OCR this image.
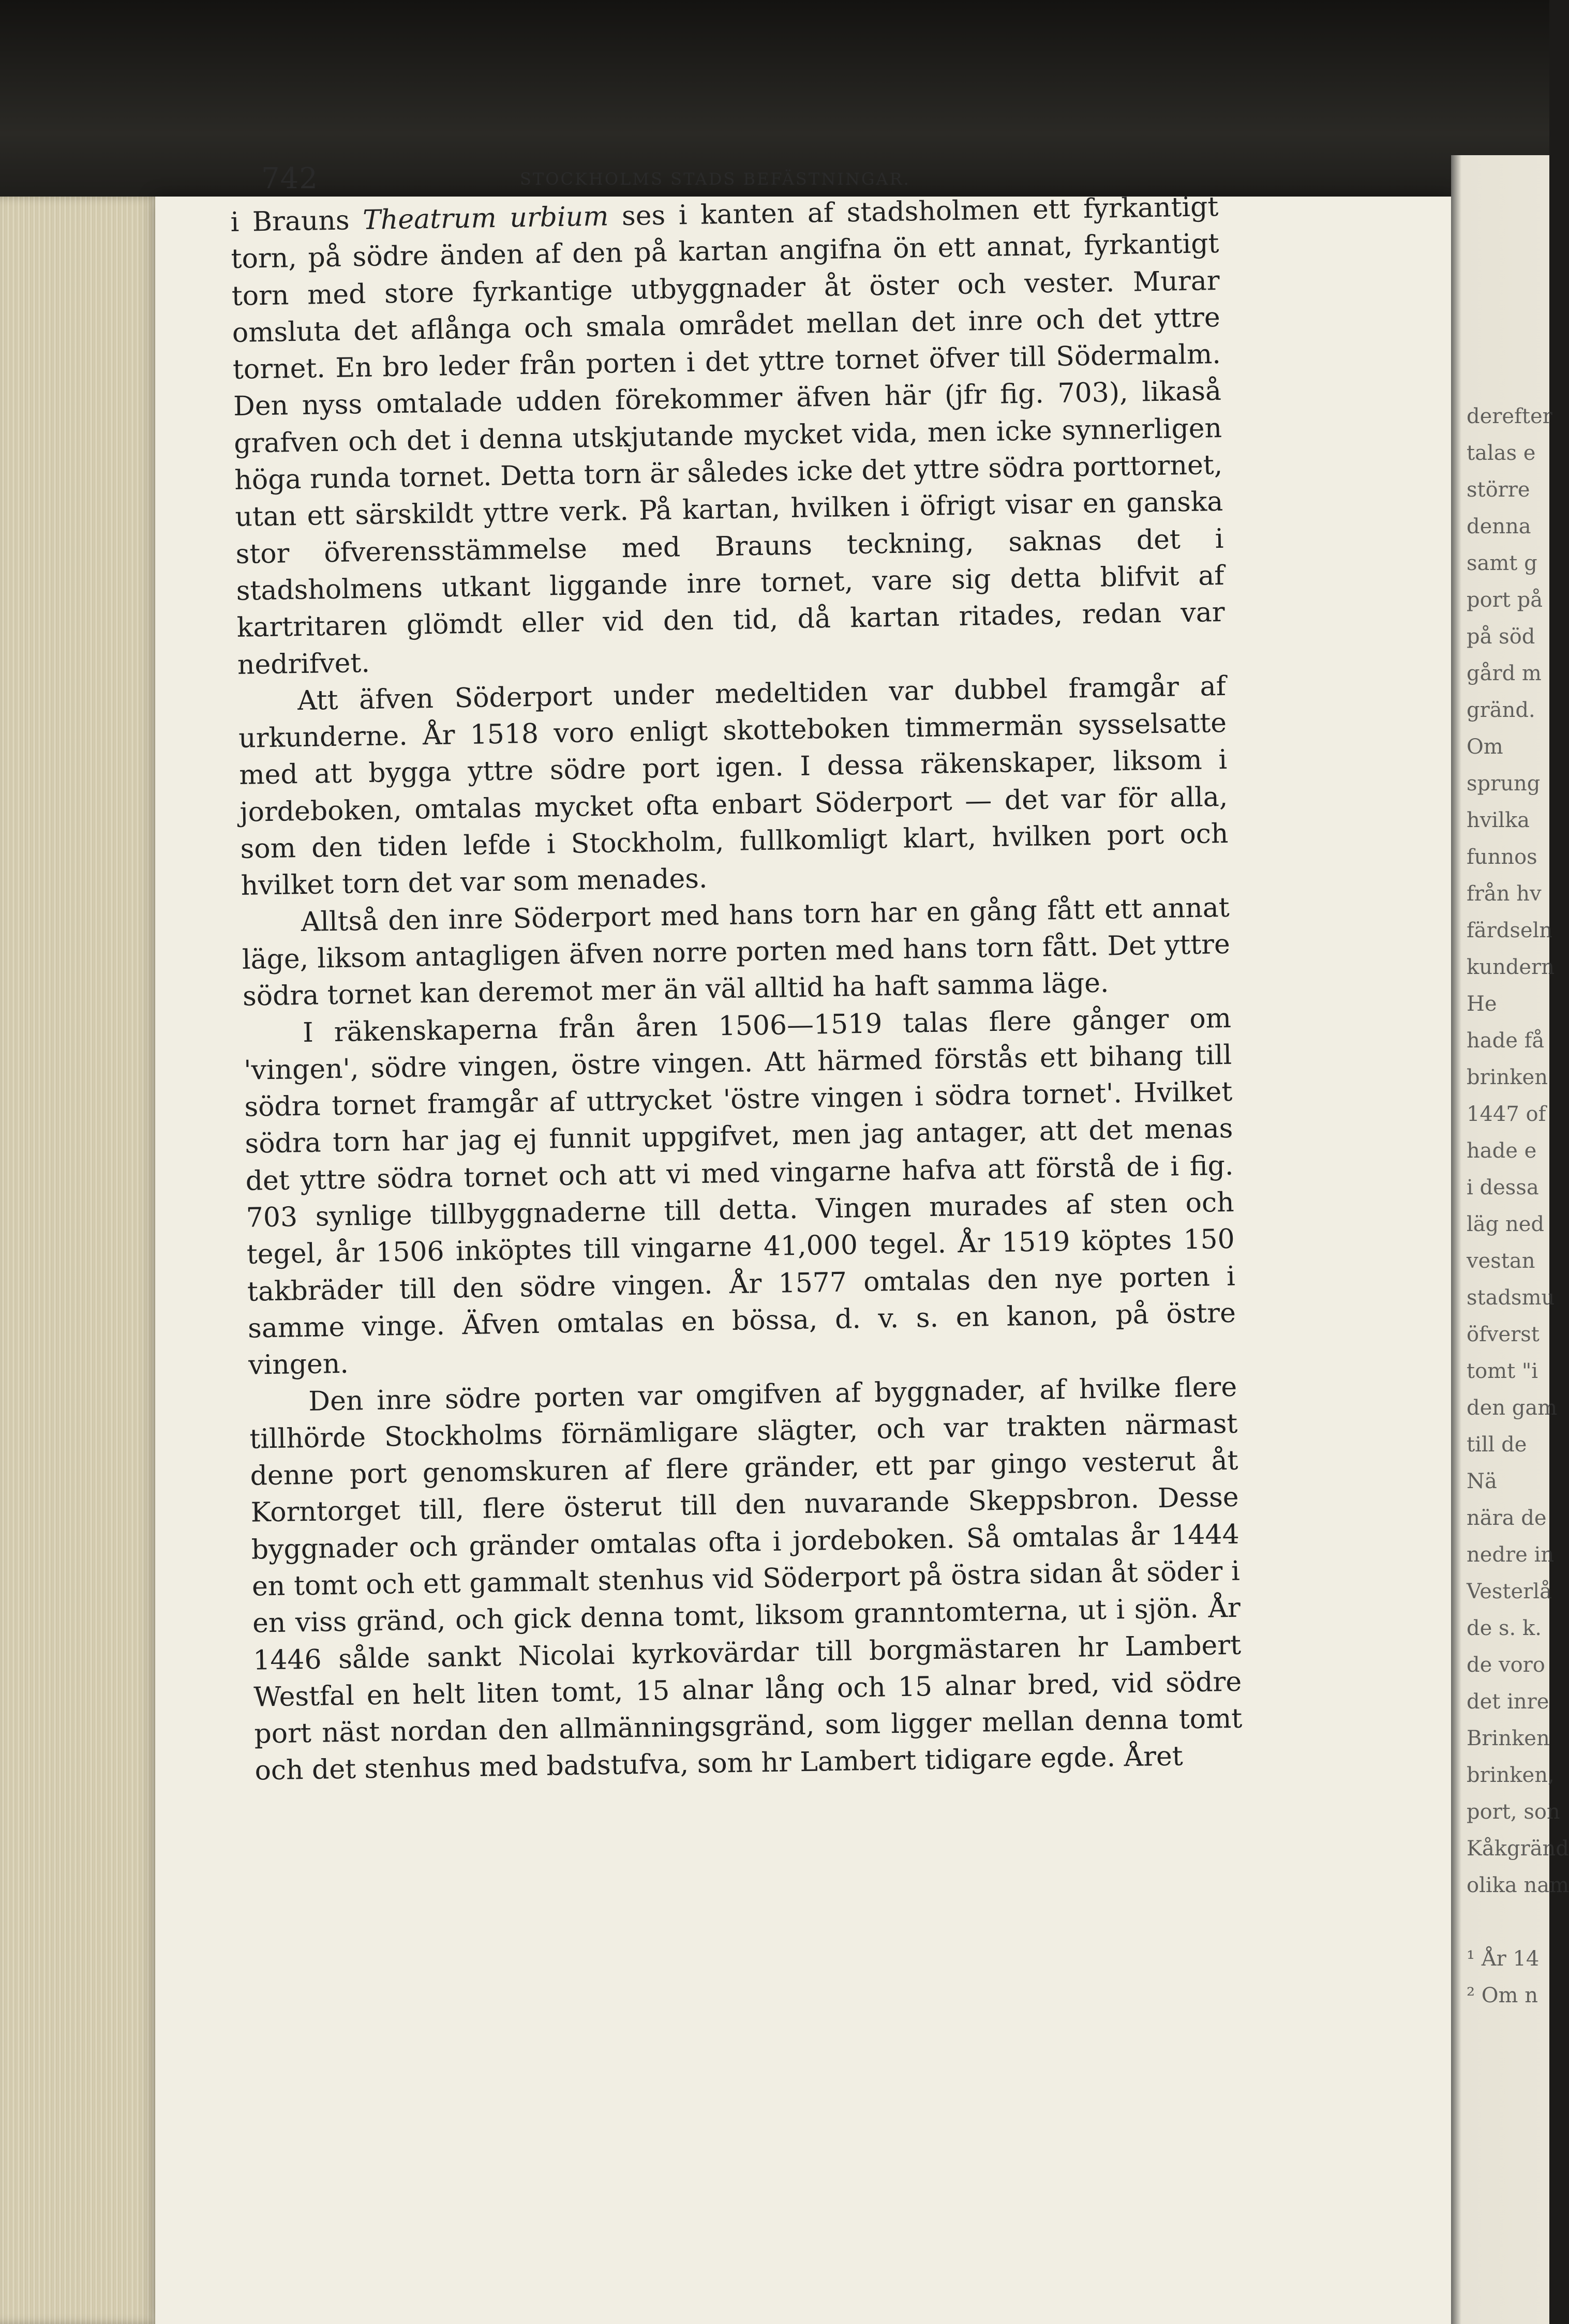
742	STOCKHOLMS STADS BEFÄSTNINGAR.

i Brauns Theatrum urbium ses i kanten af stadsholmen ett fyrkantigt torn, på södre änden af den på kartan angifna ön ett annat, fyrkantigt torn med store fyrkantige utbyggnader åt öster och vester. Murar omsluta det aflånga och smala området mellan det inre och det yttre tornet. En bro leder från porten i det yttre tornet öfver till Södermalm. Den nyss omtalade udden förekommer äfven här (jfr fig. 703), likaså grafven och det i denna utskjutande mycket vida, men icke synnerligen höga runda tornet. Detta torn är således icke det yttre södra porttornet, utan ett särskildt yttre verk. På kartan, hvilken i öfrigt visar en ganska stor öfverensstämmelse med Brauns teckning, saknas det i stadsholmens utkant liggande inre tornet, vare sig detta blifvit af kartritaren glömdt eller vid den tid, då kartan ritades, redan var nedrifvet.

Att äfven Söderport under medeltiden var dubbel framgår af urkunderne. År 1518 voro enligt skotteboken timmermän sysselsatte med att bygga yttre södre port igen. I dessa räkenskaper, liksom i jordeboken, omtalas mycket ofta enbart Söderport — det var för alla, som den tiden lefde i Stockholm, fullkomligt klart, hvilken port och hvilket torn det var som menades.

Alltså den inre Söderport med hans torn har en gång fått ett annat läge, liksom antagligen äfven norre porten med hans torn fått. Det yttre södra tornet kan deremot mer än väl alltid ha haft samma läge.

I räkenskaperna från åren 1506—1519 talas flere gånger om 'vingen', södre vingen, östre vingen. Att härmed förstås ett bihang till södra tornet framgår af uttrycket 'östre vingen i södra tornet'. Hvilket södra torn har jag ej funnit uppgifvet, men jag antager, att det menas det yttre södra tornet och att vi med vingarne hafva att förstå de i fig. 703 synlige tillbyggnaderne till detta. Vingen murades af sten och tegel, år 1506 inköptes till vingarne 41,000 tegel. År 1519 köptes 150 takbräder till den södre vingen. År 1577 omtalas den nye porten i samme vinge. Äfven omtalas en bössa, d. v. s. en kanon, på östre vingen.

Den inre södre porten var omgifven af byggnader, af hvilke flere tillhörde Stockholms förnämligare slägter, och var trakten närmast denne port genomskuren af flere gränder, ett par gingo vesterut åt Korntorget till, flere österut till den nuvarande Skeppsbron. Desse byggnader och gränder omtalas ofta i jordeboken. Så omtalas år 1444 en tomt och ett gammalt stenhus vid Söderport på östra sidan åt söder i en viss gränd, och gick denna tomt, liksom granntomterna, ut i sjön. År 1446 sålde sankt Nicolai kyrkovärdar till borgmästaren hr Lambert Westfal en helt liten tomt, 15 alnar lång och 15 alnar bred, vid södre port näst nordan den allmänningsgränd, som ligger mellan denna tomt och det stenhus med badstufva, som hr Lambert tidigare egde. Året

derefter
talas e
större
denna
samt g
port på
på söd
gård m
gränd.
Om
sprung
hvilka
funnos
från hv
färdseln
kundern
He
hade få
brinken
1447 of
hade e
i dessa
läg ned
vestan
stadsmu
öfverst
tomt "i
den gam
till de
Nä
nära de
nedre in
Vesterlå
de s. k.
de voro
det inre
Brinken
brinken,
port, son
Kåkgränd
olika nam

¹ År 14
² Om n
